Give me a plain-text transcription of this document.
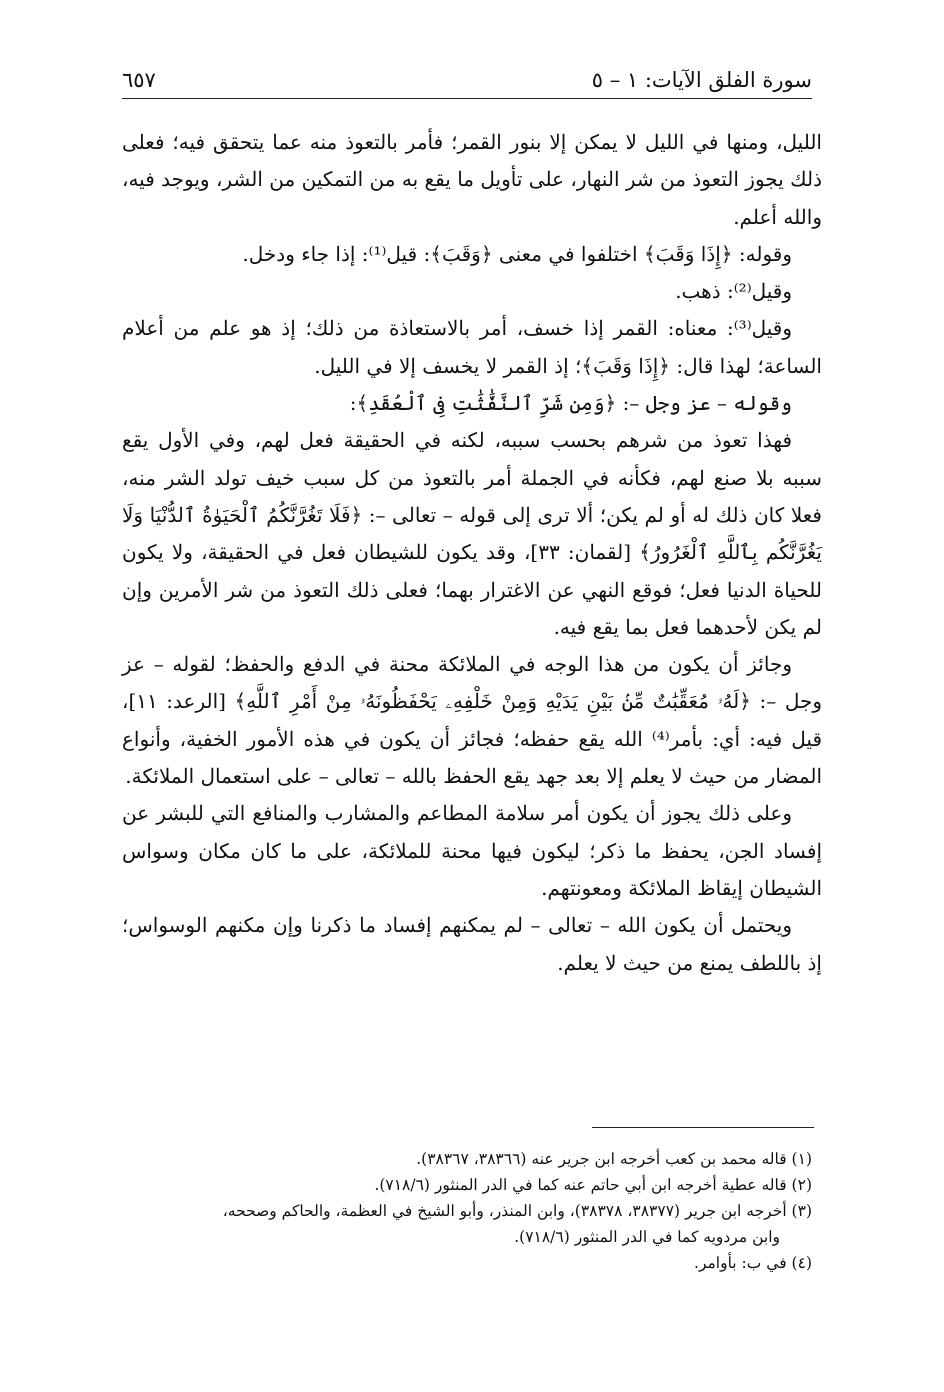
سورة الفلق الآيات: ١ – ٥
٦٥٧

الليل، ومنها في الليل لا يمكن إلا بنور القمر؛ فأمر بالتعوذ منه عما يتحقق فيه؛ فعلى ذلك يجوز التعوذ من شر النهار، على تأويل ما يقع به من التمكين من الشر، ويوجد فيه، والله أعلم.

وقوله: ﴿إِذَا وَقَبَ﴾ اختلفوا في معنى ﴿وَقَبَ﴾: قيل⁽¹⁾: إذا جاء ودخل.

وقيل⁽²⁾: ذهب.

وقيل⁽³⁾: معناه: القمر إذا خسف، أمر بالاستعاذة من ذلك؛ إذ هو علم من أعلام الساعة؛ لهذا قال: ﴿إِذَا وَقَبَ﴾؛ إذ القمر لا يخسف إلا في الليل.

وقوله – عز وجل –: ﴿وَمِن شَرِّ ٱلنَّفَّٰثَٰتِ فِى ٱلْعُقَدِ﴾:

فهذا تعوذ من شرهم بحسب سببه، لكنه في الحقيقة فعل لهم، وفي الأول يقع سببه بلا صنع لهم، فكأنه في الجملة أمر بالتعوذ من كل سبب خيف تولد الشر منه، فعلا كان ذلك له أو لم يكن؛ ألا ترى إلى قوله – تعالى –: ﴿فَلَا تَغُرَّنَّكُمُ ٱلْحَيَوٰةُ ٱلدُّنْيَا وَلَا يَغُرَّنَّكُم بِٱللَّهِ ٱلْغَرُورُ﴾ [لقمان: ٣٣]، وقد يكون للشيطان فعل في الحقيقة، ولا يكون للحياة الدنيا فعل؛ فوقع النهي عن الاغترار بهما؛ فعلى ذلك التعوذ من شر الأمرين وإن لم يكن لأحدهما فعل بما يقع فيه.

وجائز أن يكون من هذا الوجه في الملائكة محنة في الدفع والحفظ؛ لقوله – عز وجل –: ﴿لَهُۥ مُعَقِّبَٰتٌ مِّنۢ بَيْنِ يَدَيْهِ وَمِنْ خَلْفِهِۦ يَحْفَظُونَهُۥ مِنْ أَمْرِ ٱللَّهِ﴾ [الرعد: ١١]، قيل فيه: أي: بأمر⁽⁴⁾ الله يقع حفظه؛ فجائز أن يكون في هذه الأمور الخفية، وأنواع المضار من حيث لا يعلم إلا بعد جهد يقع الحفظ بالله – تعالى – على استعمال الملائكة.

وعلى ذلك يجوز أن يكون أمر سلامة المطاعم والمشارب والمنافع التي للبشر عن إفساد الجن، يحفظ ما ذكر؛ ليكون فيها محنة للملائكة، على ما كان مكان وسواس الشيطان إيقاظ الملائكة ومعونتهم.

ويحتمل أن يكون الله – تعالى – لم يمكنهم إفساد ما ذكرنا وإن مكنهم الوسواس؛ إذ باللطف يمنع من حيث لا يعلم.

(١) قاله محمد بن كعب أخرجه ابن جرير عنه (٣٨٣٦٦، ٣٨٣٦٧).

(٢) قاله عطية أخرجه ابن أبي حاتم عنه كما في الدر المنثور (٧١٨/٦).

(٣) أخرجه ابن جرير (٣٨٣٧٧، ٣٨٣٧٨)، وابن المنذر، وأبو الشيخ في العظمة، والحاكم وصححه،

وابن مردويه كما في الدر المنثور (٧١٨/٦).

(٤) في ب: بأوامر.
